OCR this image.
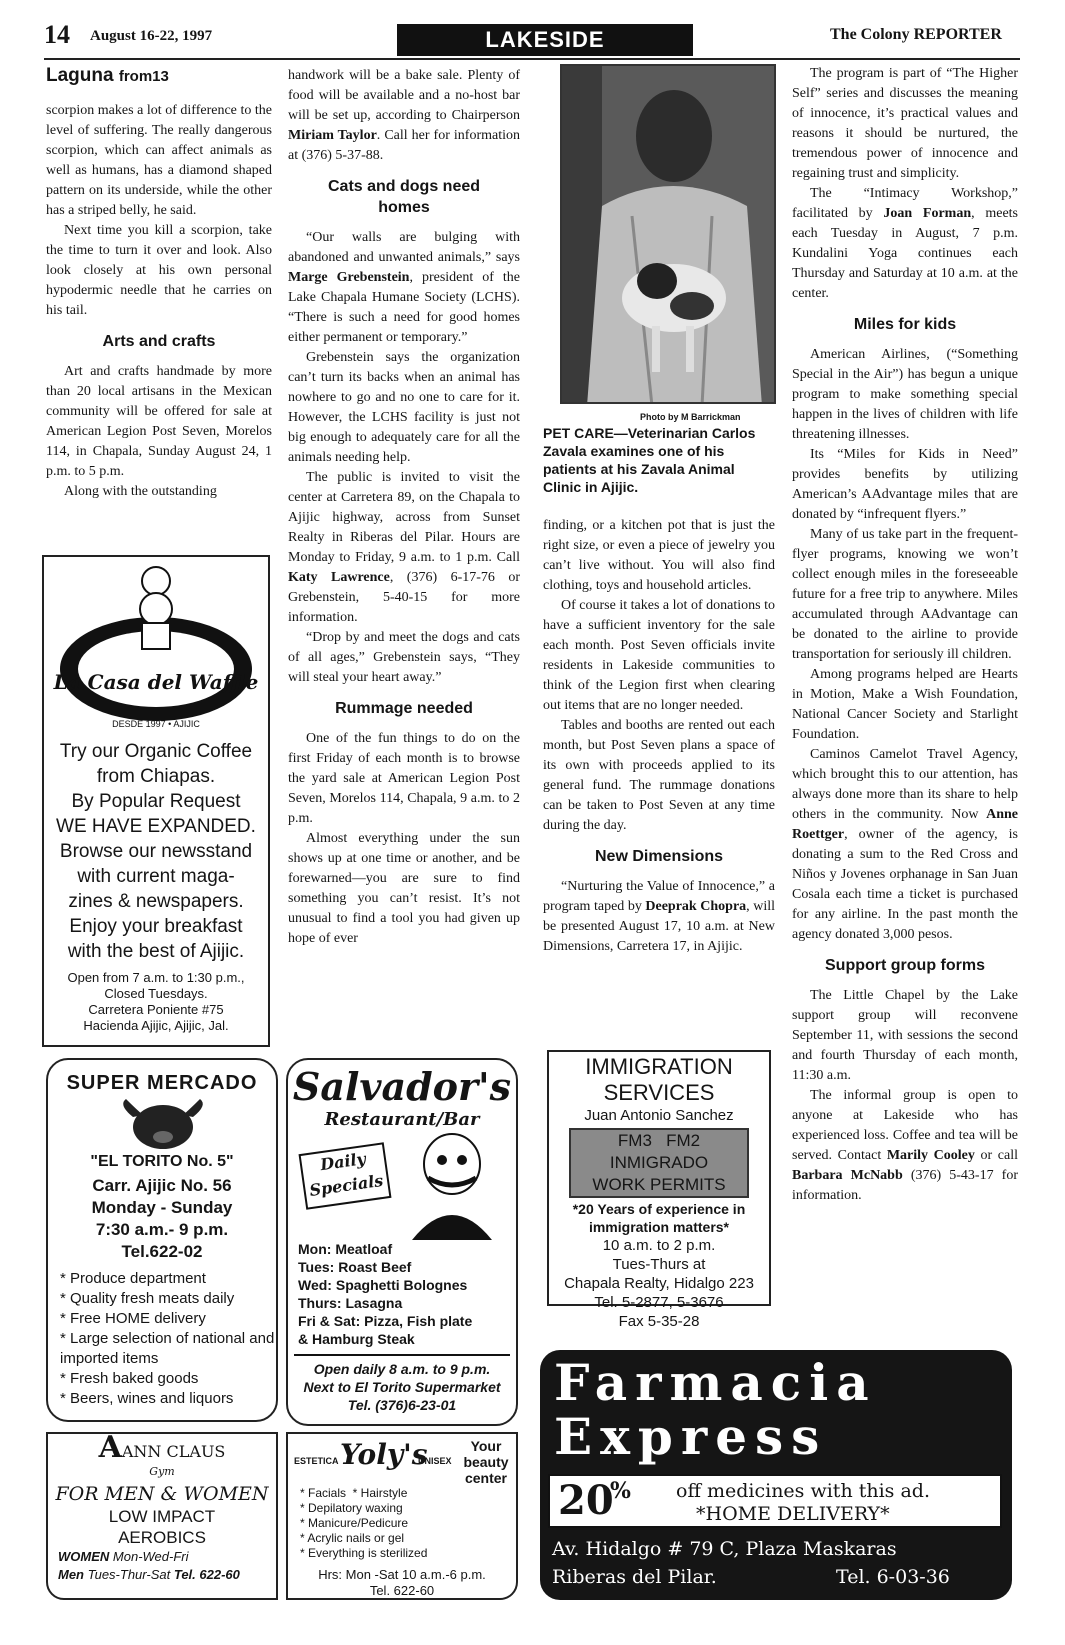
14 August 16-22, 1997	LAKESIDE	The Colony REPORTER
Laguna from13

scorpion makes a lot of difference to the level of suffering. The really dangerous scorpion, which can affect animals as well as humans, has a diamond shaped pattern on its underside, while the other has a striped belly, he said.

Next time you kill a scorpion, take the time to turn it over and look. Also look closely at his own personal hypodermic needle that he carries on his tail.

Arts and crafts

Art and crafts handmade by more than 20 local artisans in the Mexican community will be offered for sale at American Legion Post Seven, Morelos 114, in Chapala, Sunday August 24, 1 p.m. to 5 p.m.

Along with the outstanding

handwork will be a bake sale. Plenty of food will be available and a no-host bar will be set up, according to Chairperson Miriam Taylor. Call her for information at (376) 5-37-88.

Cats and dogs need homes

“Our walls are bulging with abandoned and unwanted animals,” says Marge Grebenstein, president of the Lake Chapala Humane Society (LCHS). “There is such a need for good homes either permanent or temporary.”

Grebenstein says the organization can’t turn its backs when an animal has nowhere to go and no one to care for it. However, the LCHS facility is just not big enough to adequately care for all the animals needing help.

The public is invited to visit the center at Carretera 89, on the Chapala to Ajijic highway, across from Sunset Realty in Riberas del Pilar. Hours are Monday to Friday, 9 a.m. to 1 p.m. Call Katy Lawrence, (376) 6-17-76 or Grebenstein, 5-40-15 for more information.

“Drop by and meet the dogs and cats of all ages,” Grebenstein says, “They will steal your heart away.”

Rummage needed

One of the fun things to do on the first Friday of each month is to browse the yard sale at American Legion Post Seven, Morelos 114, Chapala, 9 a.m. to 2 p.m.

Almost everything under the sun shows up at one time or another, and be forewarned—you are sure to find something you can’t resist. It’s not unusual to find a tool you had given up hope of ever

Photo by M Barrickman
PET CARE—Veterinarian Carlos Zavala examines one of his patients at his Zavala Animal Clinic in Ajijic.

finding, or a kitchen pot that is just the right size, or even a piece of jewelry you can’t live without. You will also find clothing, toys and household articles.

Of course it takes a lot of donations to have a sufficient inventory for the sale each month. Post Seven officials invite residents in Lakeside communities to think of the Legion first when clearing out items that are no longer needed.

Tables and booths are rented out each month, but Post Seven plans a space of its own with proceeds applied to its general fund. The rummage donations can be taken to Post Seven at any time during the day.

New Dimensions

“Nurturing the Value of Innocence,” a program taped by Deeprak Chopra, will be presented August 17, 10 a.m. at New Dimensions, Carretera 17, in Ajijic.

The program is part of “The Higher Self” series and discusses the meaning of innocence, it’s practical values and reasons it should be nurtured, the tremendous power of innocence and regaining trust and simplicity.

The “Intimacy Workshop,” facilitated by Joan Forman, meets each Tuesday in August, 7 p.m. Kundalini Yoga continues each Thursday and Saturday at 10 a.m. at the center.

Miles for kids

American Airlines, (“Something Special in the Air”) has begun a unique program to make something special happen in the lives of children with life threatening illnesses.

Its “Miles for Kids in Need” provides benefits by utilizing American’s AAdvantage miles that are donated by “infrequent flyers.”

Many of us take part in the frequent-flyer programs, knowing we won’t collect enough miles in the foreseeable future for a free trip to anywhere. Miles accumulated through AAdvantage can be donated to the airline to provide transportation for seriously ill children.

Among programs helped are Hearts in Motion, Make a Wish Foundation, National Cancer Society and Starlight Foundation.

Caminos Camelot Travel Agency, which brought this to our attention, has always done more than its share to help others in the community. Now Anne Roettger, owner of the agency, is donating a sum to the Red Cross and Niños y Jovenes orphanage in San Juan Cosala each time a ticket is purchased for any airline. In the past month the agency donated 3,000 pesos.

Support group forms

The Little Chapel by the Lake support group will reconvene September 11, with sessions the second and fourth Thursday of each month, 11:30 a.m.

The informal group is open to anyone at Lakeside who has experienced loss. Coffee and tea will be served. Contact Marily Cooley or call Barbara McNabb (376) 5-43-17 for information.

La Casa del Waffle
DESDE 1997 • AJIJIC
Try our Organic Coffee
from Chiapas.
By Popular Request
WE HAVE EXPANDED.
Browse our newsstand
with current maga-
zines & newspapers.
Enjoy your breakfast
with the best of Ajijic.
Open from 7 a.m. to 1:30 p.m.,
Closed Tuesdays.
Carretera Poniente #75
Hacienda Ajijic, Ajijic, Jal.
SUPER MERCADO
"EL TORITO No. 5"
Carr. Ajijic No. 56
Monday - Sunday
7:30 a.m.- 9 p.m.
Tel.622-02
* Produce department
* Quality fresh meats daily
* Free HOME delivery
* Large selection of national and imported items
* Fresh baked goods
* Beers, wines and liquors
Salvador's
Restaurant/Bar
Daily
Specials
Mon: Meatloaf
Tues: Roast Beef
Wed: Spaghetti Bolognes
Thurs: Lasagna
Fri & Sat: Pizza, Fish plate
& Hamburg Steak
Open daily 8 a.m. to 9 p.m.
Next to El Torito Supermarket
Tel. (376)6-23-01
IMMIGRATION
SERVICES
Juan Antonio Sanchez
FM3   FM2
INMIGRADO
WORK PERMITS
*20 Years of experience in
immigration matters*
10 a.m. to 2 p.m.
Tues-Thurs at
Chapala Realty, Hidalgo 223
Tel. 5-2877, 5-3676
Fax 5-35-28
AANN CLAUS
Gym
FOR MEN & WOMEN
LOW IMPACT
AEROBICS
WOMEN Mon-Wed-Fri
Men Tues-Thur-Sat Tel. 622-60
ESTETICA Yoly's
UNISEX
Your beauty center
* Facials  * Hairstyle
* Depilatory waxing
* Manicure/Pedicure
* Acrylic nails or gel
* Everything is sterilized
Hrs: Mon -Sat 10 a.m.-6 p.m.
Tel. 622-60
Farmacia
Express
20
% off medicines with this ad.
*HOME DELIVERY*
Av. Hidalgo # 79 C, Plaza Maskaras
Riberas del Pilar.	Tel. 6-03-36
